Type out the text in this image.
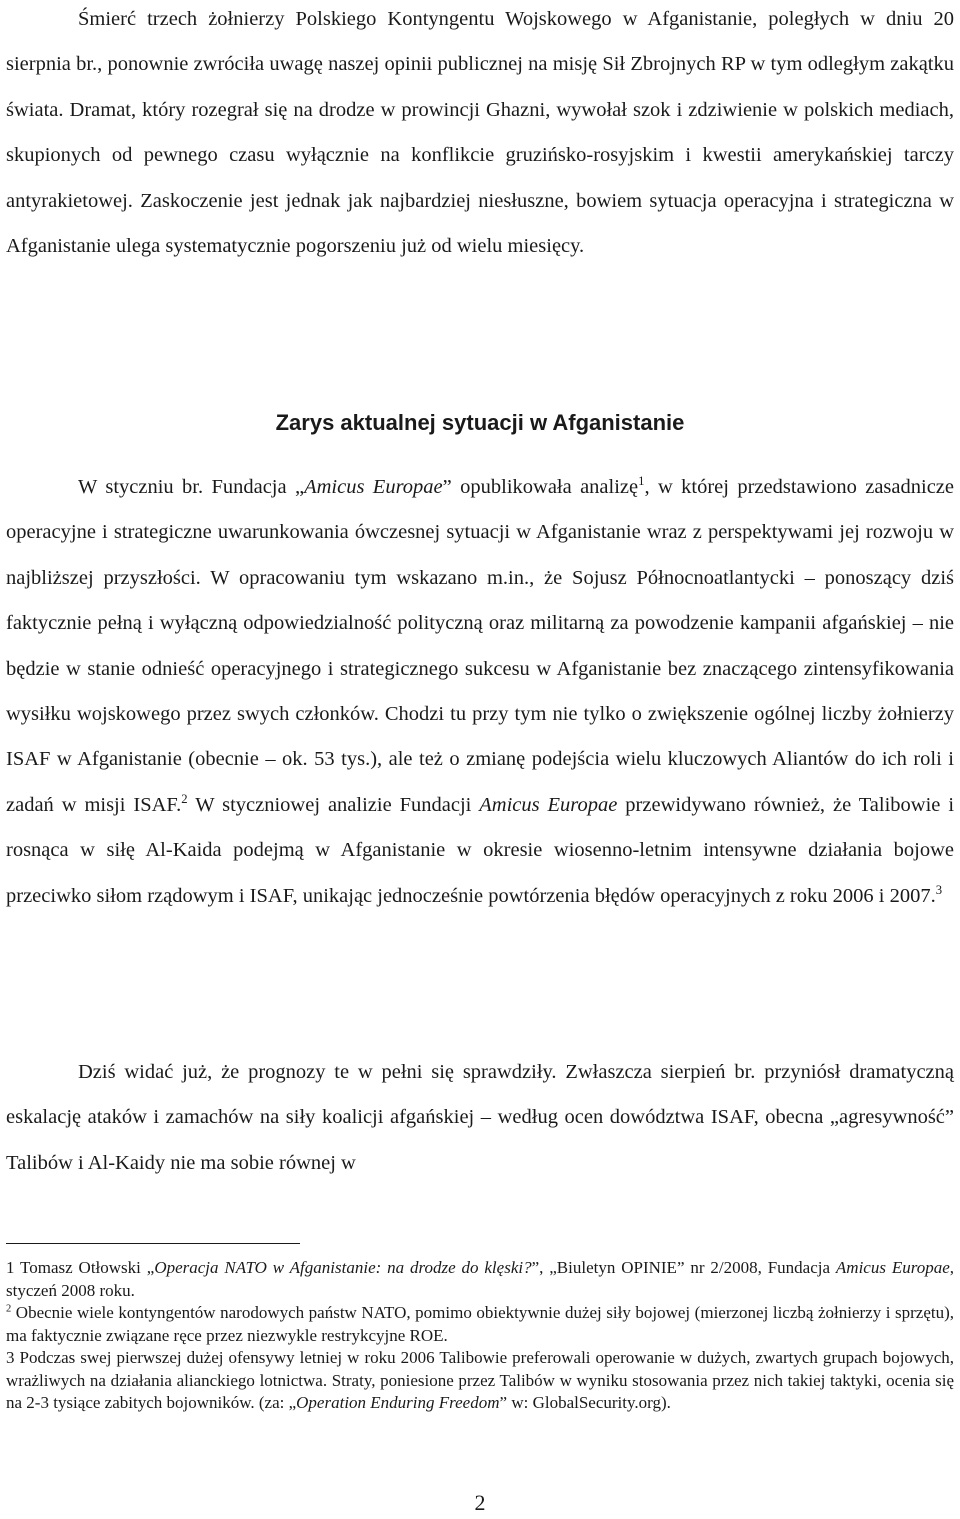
Śmierć trzech żołnierzy Polskiego Kontyngentu Wojskowego w Afganistanie, poległych w dniu 20 sierpnia br., ponownie zwróciła uwagę naszej opinii publicznej na misję Sił Zbrojnych RP w tym odległym zakątku świata. Dramat, który rozegrał się na drodze w prowincji Ghazni, wywołał szok i zdziwienie w polskich mediach, skupionych od pewnego czasu wyłącznie na konflikcie gruzińsko-rosyjskim i kwestii amerykańskiej tarczy antyrakietowej. Zaskoczenie jest jednak jak najbardziej niesłuszne, bowiem sytuacja operacyjna i strategiczna w Afganistanie ulega systematycznie pogorszeniu już od wielu miesięcy.

Zarys aktualnej sytuacji w Afganistanie

W styczniu br. Fundacja „Amicus Europae” opublikowała analizę$^1$, w której przedstawiono zasadnicze operacyjne i strategiczne uwarunkowania ówczesnej sytuacji w Afganistanie wraz z perspektywami jej rozwoju w najbliższej przyszłości. W opracowaniu tym wskazano m.in., że Sojusz Północnoatlantycki – ponoszący dziś faktycznie pełną i wyłączną odpowiedzialność polityczną oraz militarną za powodzenie kampanii afgańskiej – nie będzie w stanie odnieść operacyjnego i strategicznego sukcesu w Afganistanie bez znaczącego zintensyfikowania wysiłku wojskowego przez swych członków. Chodzi tu przy tym nie tylko o zwiększenie ogólnej liczby żołnierzy ISAF w Afganistanie (obecnie – ok. 53 tys.), ale też o zmianę podejścia wielu kluczowych Aliantów do ich roli i zadań w misji ISAF.$^2$ W styczniowej analizie Fundacji Amicus Europae przewidywano również, że Talibowie i rosnąca w siłę Al-Kaida podejmą w Afganistanie w okresie wiosenno-letnim intensywne działania bojowe przeciwko siłom rządowym i ISAF, unikając jednocześnie powtórzenia błędów operacyjnych z roku 2006 i 2007.$^3$

Dziś widać już, że prognozy te w pełni się sprawdziły. Zwłaszcza sierpień br. przyniósł dramatyczną eskalację ataków i zamachów na siły koalicji afgańskiej – według ocen dowództwa ISAF, obecna „agresywność” Talibów i Al-Kaidy nie ma sobie równej w

1 Tomasz Otłowski „Operacja NATO w Afganistanie: na drodze do klęski?”, „Biuletyn OPINIE” nr 2/2008, Fundacja Amicus Europae, styczeń 2008 roku.

$^2$ Obecnie wiele kontyngentów narodowych państw NATO, pomimo obiektywnie dużej siły bojowej (mierzonej liczbą żołnierzy i sprzętu), ma faktycznie związane ręce przez niezwykle restrykcyjne ROE.

3 Podczas swej pierwszej dużej ofensywy letniej w roku 2006 Talibowie preferowali operowanie w dużych, zwartych grupach bojowych, wrażliwych na działania alianckiego lotnictwa. Straty, poniesione przez Talibów w wyniku stosowania przez nich takiej taktyki, ocenia się na 2-3 tysiące zabitych bojowników. (za: „Operation Enduring Freedom” w: GlobalSecurity.org).

2
